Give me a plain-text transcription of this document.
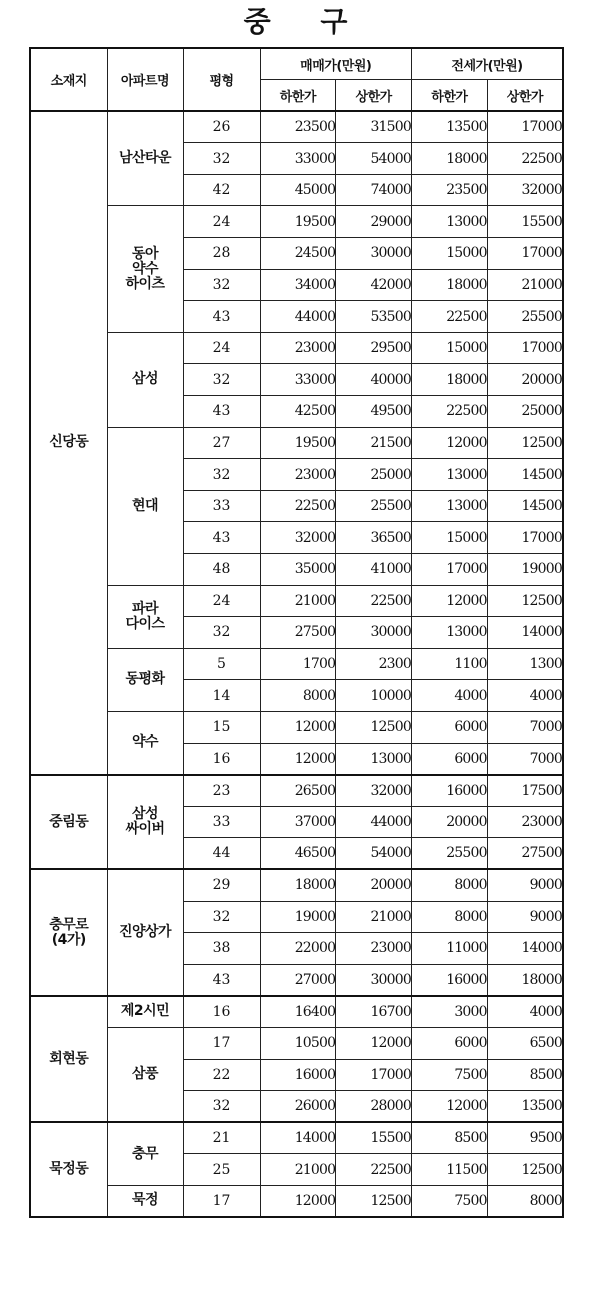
중 구
소재지	아파트명	평형	매매가(만원)		전세가(만원)	
			하한가	상한가	하한가	상한가
신당동	남산타운	26	23500	31500	13500	17000
		32	33000	54000	18000	22500
		42	45000	74000	23500	32000
	동아
약수
하이츠	24	19500	29000	13000	15500
		28	24500	30000	15000	17000
		32	34000	42000	18000	21000
		43	44000	53500	22500	25500
	삼성	24	23000	29500	15000	17000
		32	33000	40000	18000	20000
		43	42500	49500	22500	25000
	현대	27	19500	21500	12000	12500
		32	23000	25000	13000	14500
		33	22500	25500	13000	14500
		43	32000	36500	15000	17000
		48	35000	41000	17000	19000
	파라
다이스	24	21000	22500	12000	12500
		32	27500	30000	13000	14000
	동평화	5	1700	2300	1100	1300
		14	8000	10000	4000	4000
	약수	15	12000	12500	6000	7000
		16	12000	13000	6000	7000
중림동	삼성
싸이버	23	26500	32000	16000	17500
		33	37000	44000	20000	23000
		44	46500	54000	25500	27500
충무로
(4가)	진양상가	29	18000	20000	8000	9000
		32	19000	21000	8000	9000
		38	22000	23000	11000	14000
		43	27000	30000	16000	18000
회현동	제2시민	16	16400	16700	3000	4000
	삼풍	17	10500	12000	6000	6500
		22	16000	17000	7500	8500
		32	26000	28000	12000	13500
묵정동	충무	21	14000	15500	8500	9500
		25	21000	22500	11500	12500
	묵정	17	12000	12500	7500	8000
